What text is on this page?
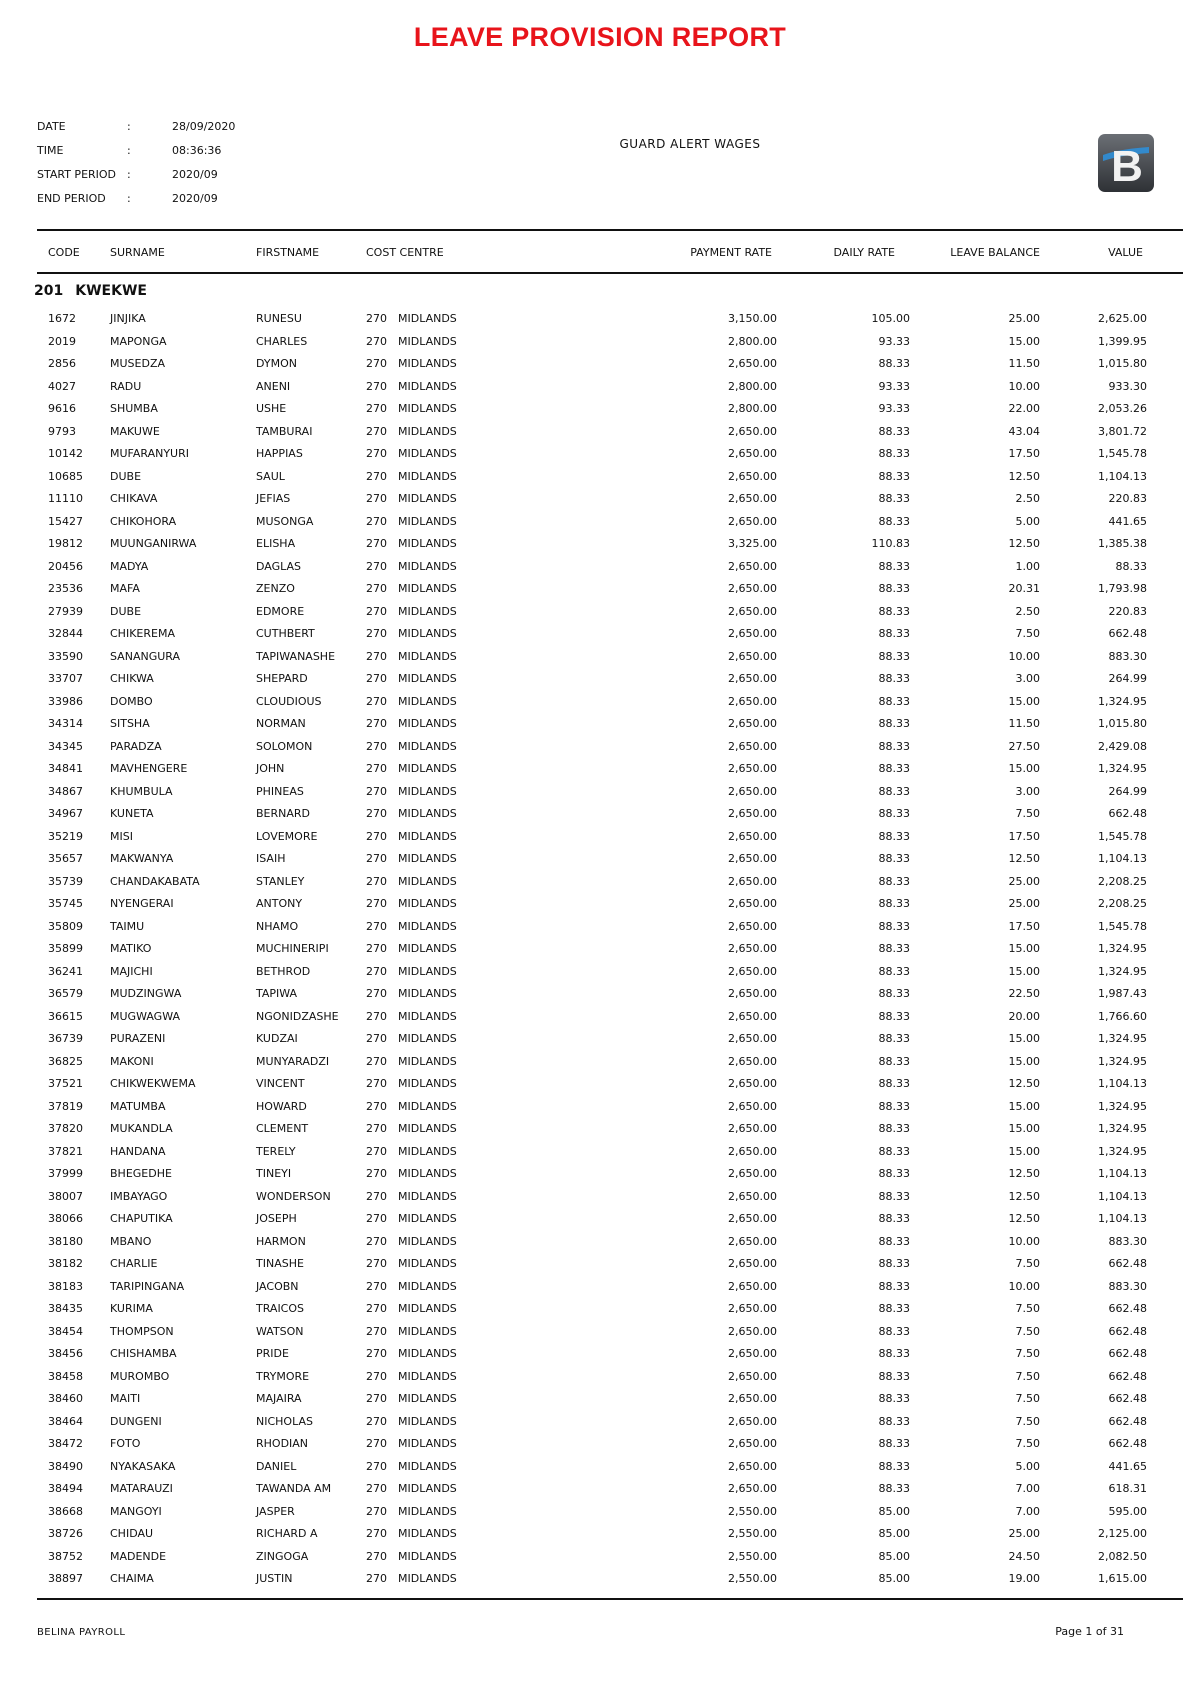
LEAVE PROVISION REPORT
DATE	:	28/09/2020
TIME	:	08:36:36
START PERIOD :	2020/09
END PERIOD	:	2020/09
GUARD ALERT WAGES	B
CODE	SURNAME	FIRSTNAME	COST CENTRE	PAYMENT RATE	DAILY RATE	LEAVE BALANCE	VALUE
201 KWEKWE
1672	JINJIKA	RUNESU	270 MIDLANDS	3,150.00	105.00	25.00	2,625.00
2019	MAPONGA	CHARLES	270 MIDLANDS	2,800.00	93.33	15.00	1,399.95
2856	MUSEDZA	DYMON	270 MIDLANDS	2,650.00	88.33	11.50	1,015.80
4027	RADU	ANENI	270 MIDLANDS	2,800.00	93.33	10.00	933.30
9616	SHUMBA	USHE	270 MIDLANDS	2,800.00	93.33	22.00	2,053.26
9793	MAKUWE	TAMBURAI	270 MIDLANDS	2,650.00	88.33	43.04	3,801.72
10142 MUFARANYURI	HAPPIAS	270 MIDLANDS	2,650.00	88.33	17.50	1,545.78
10685 DUBE	SAUL	270 MIDLANDS	2,650.00	88.33	12.50	1,104.13
11110 CHIKAVA	JEFIAS	270 MIDLANDS	2,650.00	88.33	2.50	220.83
15427 CHIKOHORA	MUSONGA	270 MIDLANDS	2,650.00	88.33	5.00	441.65
19812 MUUNGANIRWA	ELISHA	270 MIDLANDS	3,325.00	110.83	12.50	1,385.38
20456 MADYA	DAGLAS	270 MIDLANDS	2,650.00	88.33	1.00	88.33
23536 MAFA	ZENZO	270 MIDLANDS	2,650.00	88.33	20.31	1,793.98
27939 DUBE	EDMORE	270 MIDLANDS	2,650.00	88.33	2.50	220.83
32844 CHIKEREMA	CUTHBERT	270 MIDLANDS	2,650.00	88.33	7.50	662.48
33590 SANANGURA	TAPIWANASHE	270 MIDLANDS	2,650.00	88.33	10.00	883.30
33707 CHIKWA	SHEPARD	270 MIDLANDS	2,650.00	88.33	3.00	264.99
33986 DOMBO	CLOUDIOUS	270 MIDLANDS	2,650.00	88.33	15.00	1,324.95
34314 SITSHA	NORMAN	270 MIDLANDS	2,650.00	88.33	11.50	1,015.80
34345 PARADZA	SOLOMON	270 MIDLANDS	2,650.00	88.33	27.50	2,429.08
34841 MAVHENGERE	JOHN	270 MIDLANDS	2,650.00	88.33	15.00	1,324.95
34867 KHUMBULA	PHINEAS	270 MIDLANDS	2,650.00	88.33	3.00	264.99
34967 KUNETA	BERNARD	270 MIDLANDS	2,650.00	88.33	7.50	662.48
35219 MISI	LOVEMORE	270 MIDLANDS	2,650.00	88.33	17.50	1,545.78
35657 MAKWANYA	ISAIH	270 MIDLANDS	2,650.00	88.33	12.50	1,104.13
35739 CHANDAKABATA	STANLEY	270 MIDLANDS	2,650.00	88.33	25.00	2,208.25
35745 NYENGERAI	ANTONY	270 MIDLANDS	2,650.00	88.33	25.00	2,208.25
35809 TAIMU	NHAMO	270 MIDLANDS	2,650.00	88.33	17.50	1,545.78
35899 MATIKO	MUCHINERIPI	270 MIDLANDS	2,650.00	88.33	15.00	1,324.95
36241 MAJICHI	BETHROD	270 MIDLANDS	2,650.00	88.33	15.00	1,324.95
36579 MUDZINGWA	TAPIWA	270 MIDLANDS	2,650.00	88.33	22.50	1,987.43
36615 MUGWAGWA	NGONIDZASHE 270 MIDLANDS	2,650.00	88.33	20.00	1,766.60
36739 PURAZENI	KUDZAI	270 MIDLANDS	2,650.00	88.33	15.00	1,324.95
36825 MAKONI	MUNYARADZI	270 MIDLANDS	2,650.00	88.33	15.00	1,324.95
37521 CHIKWEKWEMA	VINCENT	270 MIDLANDS	2,650.00	88.33	12.50	1,104.13
37819 MATUMBA	HOWARD	270 MIDLANDS	2,650.00	88.33	15.00	1,324.95
37820 MUKANDLA	CLEMENT	270 MIDLANDS	2,650.00	88.33	15.00	1,324.95
37821 HANDANA	TERELY	270 MIDLANDS	2,650.00	88.33	15.00	1,324.95
37999 BHEGEDHE	TINEYI	270 MIDLANDS	2,650.00	88.33	12.50	1,104.13
38007 IMBAYAGO	WONDERSON	270 MIDLANDS	2,650.00	88.33	12.50	1,104.13
38066 CHAPUTIKA	JOSEPH	270 MIDLANDS	2,650.00	88.33	12.50	1,104.13
38180 MBANO	HARMON	270 MIDLANDS	2,650.00	88.33	10.00	883.30
38182 CHARLIE	TINASHE	270 MIDLANDS	2,650.00	88.33	7.50	662.48
38183 TARIPINGANA	JACOBN	270 MIDLANDS	2,650.00	88.33	10.00	883.30
38435 KURIMA	TRAICOS	270 MIDLANDS	2,650.00	88.33	7.50	662.48
38454 THOMPSON	WATSON	270 MIDLANDS	2,650.00	88.33	7.50	662.48
38456 CHISHAMBA	PRIDE	270 MIDLANDS	2,650.00	88.33	7.50	662.48
38458 MUROMBO	TRYMORE	270 MIDLANDS	2,650.00	88.33	7.50	662.48
38460 MAITI	MAJAIRA	270 MIDLANDS	2,650.00	88.33	7.50	662.48
38464 DUNGENI	NICHOLAS	270 MIDLANDS	2,650.00	88.33	7.50	662.48
38472 FOTO	RHODIAN	270 MIDLANDS	2,650.00	88.33	7.50	662.48
38490 NYAKASAKA	DANIEL	270 MIDLANDS	2,650.00	88.33	5.00	441.65
38494 MATARAUZI	TAWANDA AM	270 MIDLANDS	2,650.00	88.33	7.00	618.31
38668 MANGOYI	JASPER	270 MIDLANDS	2,550.00	85.00	7.00	595.00
38726 CHIDAU	RICHARD A	270 MIDLANDS	2,550.00	85.00	25.00	2,125.00
38752 MADENDE	ZINGOGA	270 MIDLANDS	2,550.00	85.00	24.50	2,082.50
38897 CHAIMA	JUSTIN	270 MIDLANDS	2,550.00	85.00	19.00	1,615.00
BELINA PAYROLL	Page 1 of 31
